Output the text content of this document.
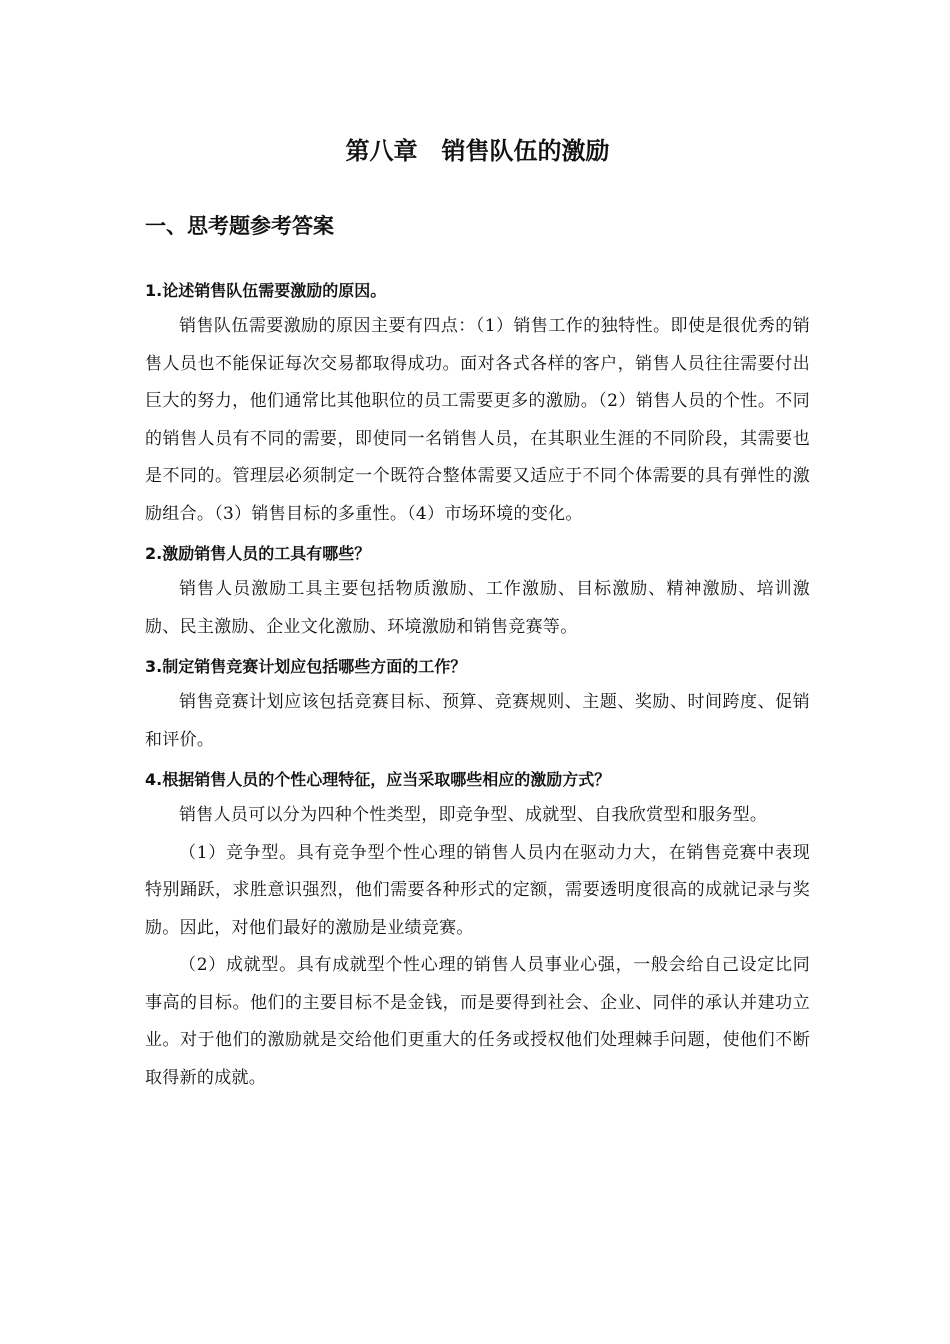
第八章　销售队伍的激励
一、思考题参考答案

1.论述销售队伍需要激励的原因。

销售队伍需要激励的原因主要有四点：（1）销售工作的独特性。即使是很优秀的销售人员也不能保证每次交易都取得成功。面对各式各样的客户，销售人员往往需要付出巨大的努力，他们通常比其他职位的员工需要更多的激励。（2）销售人员的个性。不同的销售人员有不同的需要，即使同一名销售人员，在其职业生涯的不同阶段，其需要也是不同的。管理层必须制定一个既符合整体需要又适应于不同个体需要的具有弹性的激励组合。（3）销售目标的多重性。（4）市场环境的变化。

2.激励销售人员的工具有哪些？

销售人员激励工具主要包括物质激励、工作激励、目标激励、精神激励、培训激励、民主激励、企业文化激励、环境激励和销售竞赛等。

3.制定销售竞赛计划应包括哪些方面的工作？

销售竞赛计划应该包括竞赛目标、预算、竞赛规则、主题、奖励、时间跨度、促销和评价。

4.根据销售人员的个性心理特征，应当采取哪些相应的激励方式？

销售人员可以分为四种个性类型，即竞争型、成就型、自我欣赏型和服务型。

（1）竞争型。具有竞争型个性心理的销售人员内在驱动力大，在销售竞赛中表现特别踊跃，求胜意识强烈，他们需要各种形式的定额，需要透明度很高的成就记录与奖励。因此，对他们最好的激励是业绩竞赛。

（2）成就型。具有成就型个性心理的销售人员事业心强，一般会给自己设定比同事高的目标。他们的主要目标不是金钱，而是要得到社会、企业、同伴的承认并建功立业。对于他们的激励就是交给他们更重大的任务或授权他们处理棘手问题，使他们不断取得新的成就。
